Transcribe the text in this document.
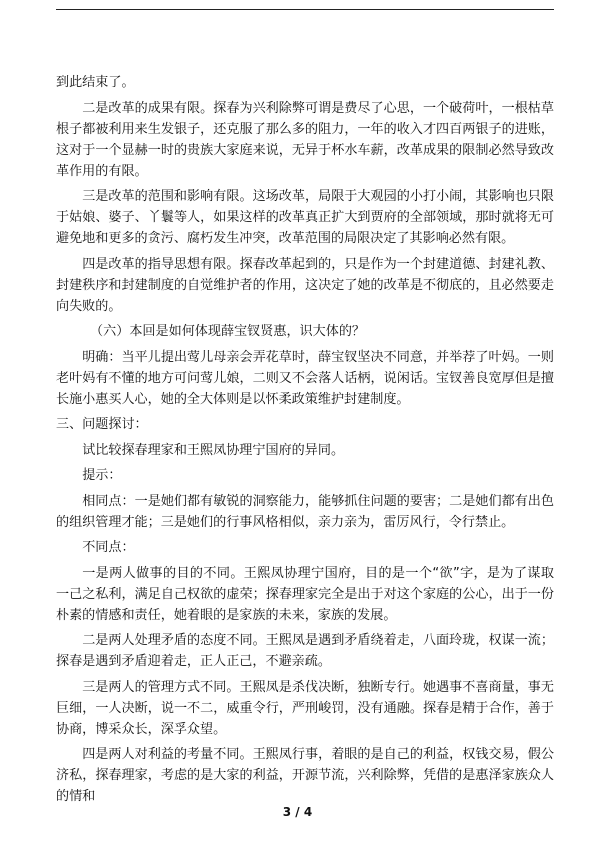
到此结束了。

二是改革的成果有限。探春为兴利除弊可谓是费尽了心思，一个破荷叶，一根枯草根子都被利用来生发银子，还克服了那么多的阻力，一年的收入才四百两银子的进账，这对于一个显赫一时的贵族大家庭来说，无异于杯水车薪，改革成果的限制必然导致改革作用的有限。

三是改革的范围和影响有限。这场改革，局限于大观园的小打小闹，其影响也只限于姑娘、婆子、丫鬟等人，如果这样的改革真正扩大到贾府的全部领域，那时就将无可避免地和更多的贪污、腐朽发生冲突，改革范围的局限决定了其影响必然有限。

四是改革的指导思想有限。探春改革起到的，只是作为一个封建道德、封建礼教、封建秩序和封建制度的自觉维护者的作用，这决定了她的改革是不彻底的，且必然要走向失败的。

（六）本回是如何体现薛宝钗贤惠，识大体的？

明确：当平儿提出莺儿母亲会弄花草时，薛宝钗坚决不同意，并举荐了叶妈。一则老叶妈有不懂的地方可问莺儿娘，二则又不会落人话柄，说闲话。宝钗善良宽厚但是擅长施小惠买人心，她的全大体则是以怀柔政策维护封建制度。

三、问题探讨：

试比较探春理家和王熙凤协理宁国府的异同。

提示：

相同点：一是她们都有敏锐的洞察能力，能够抓住问题的要害；二是她们都有出色的组织管理才能；三是她们的行事风格相似，亲力亲为，雷厉风行，令行禁止。

不同点：

一是两人做事的目的不同。王熙凤协理宁国府，目的是一个“欲”字，是为了谋取一己之私利，满足自己权欲的虚荣；探春理家完全是出于对这个家庭的公心，出于一份朴素的情感和责任，她着眼的是家族的未来，家族的发展。

二是两人处理矛盾的态度不同。王熙凤是遇到矛盾绕着走，八面玲珑，权谋一流；探春是遇到矛盾迎着走，正人正己，不避亲疏。

三是两人的管理方式不同。王熙凤是杀伐决断，独断专行。她遇事不喜商量，事无巨细，一人决断，说一不二，威重令行，严刑峻罚，没有通融。探春是精于合作，善于协商，博采众长，深孚众望。

四是两人对利益的考量不同。王熙凤行事，着眼的是自己的利益，权钱交易，假公济私，探春理家，考虑的是大家的利益，开源节流，兴利除弊，凭借的是惠泽家族众人的情和

3 / 4
